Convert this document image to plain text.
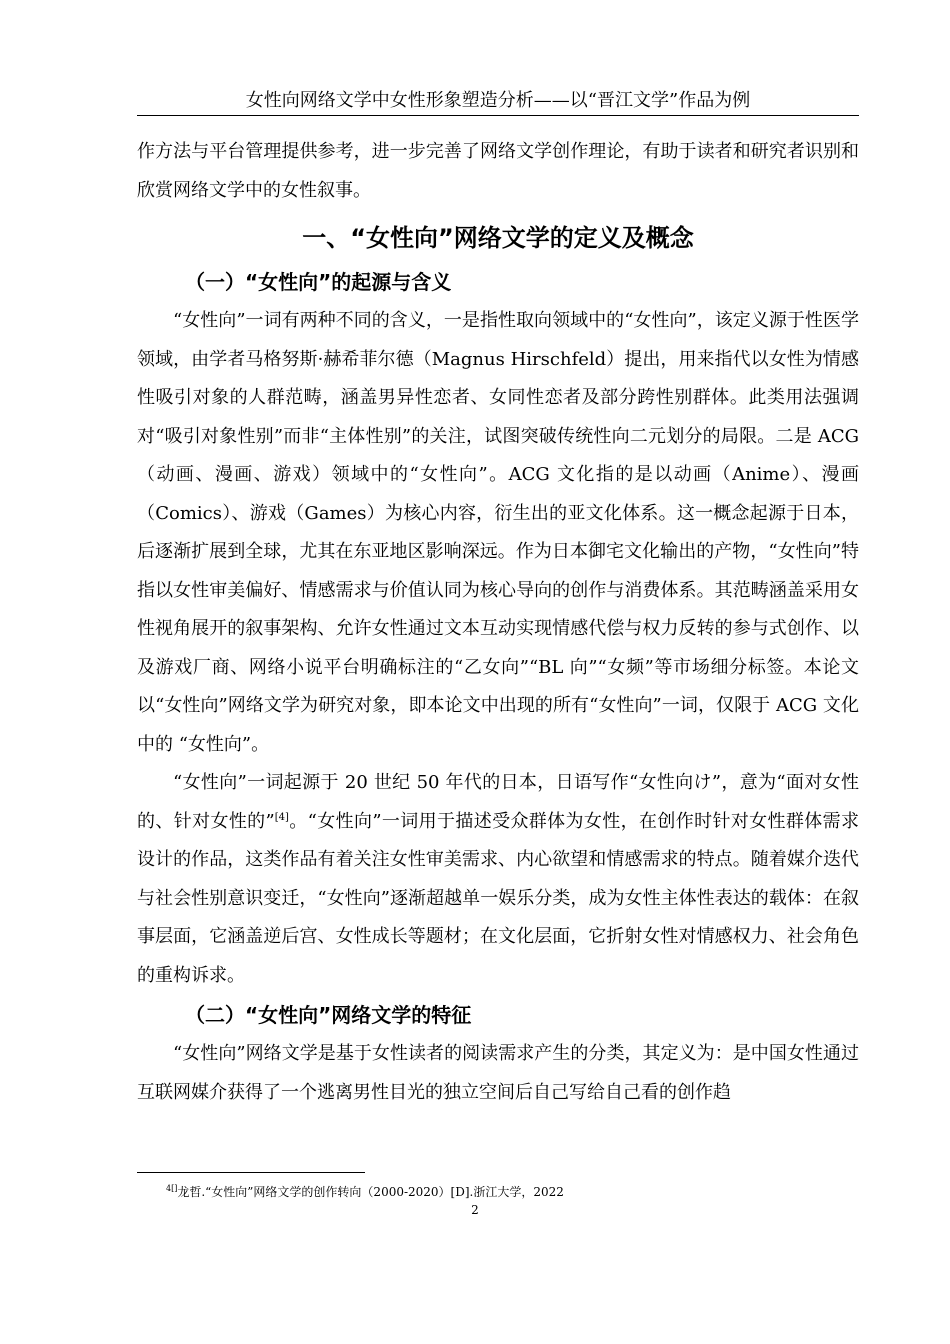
女性向网络文学中女性形象塑造分析——以“晋江文学”作品为例

作方法与平台管理提供参考，进一步完善了网络文学创作理论，有助于读者和研究者识别和欣赏网络文学中的女性叙事。

一、“女性向”网络文学的定义及概念
（一）“女性向”的起源与含义

“女性向”一词有两种不同的含义，一是指性取向领域中的“女性向”，该定义源于性医学领域，由学者马格努斯·赫希菲尔德（Magnus Hirschfeld）提出，用来指代以女性为情感性吸引对象的人群范畴，涵盖男异性恋者、女同性恋者及部分跨性别群体。此类用法强调对“吸引对象性别”而非“主体性别”的关注，试图突破传统性向二元划分的局限。二是 ACG（动画、漫画、游戏）领域中的“女性向”。ACG 文化指的是以动画（Anime）、漫画（Comics）、游戏（Games）为核心内容，衍生出的亚文化体系。这一概念起源于日本，后逐渐扩展到全球，尤其在东亚地区影响深远。作为日本御宅文化输出的产物，“女性向”特指以女性审美偏好、情感需求与价值认同为核心导向的创作与消费体系。其范畴涵盖采用女性视角展开的叙事架构、允许女性通过文本互动实现情感代偿与权力反转的参与式创作、以及游戏厂商、网络小说平台明确标注的“乙女向”“BL 向”“女频”等市场细分标签。本论文以“女性向”网络文学为研究对象，即本论文中出现的所有“女性向”一词，仅限于 ACG 文化中的 “女性向”。

“女性向”一词起源于 20 世纪 50 年代的日本，日语写作“女性向け”，意为“面对女性的、针对女性的”[4]。“女性向”一词用于描述受众群体为女性，在创作时针对女性群体需求设计的作品，这类作品有着关注女性审美需求、内心欲望和情感需求的特点。随着媒介迭代与社会性别意识变迁，“女性向”逐渐超越单一娱乐分类，成为女性主体性表达的载体：在叙事层面，它涵盖逆后宫、女性成长等题材；在文化层面，它折射女性对情感权力、社会角色的重构诉求。

（二）“女性向”网络文学的特征

“女性向”网络文学是基于女性读者的阅读需求产生的分类，其定义为：是中国女性通过互联网媒介获得了一个逃离男性目光的独立空间后自己写给自己看的创作趋

$^{4[]}$龙哲.“女性向”网络文学的创作转向（2000-2020）[D].浙江大学，2022
2
